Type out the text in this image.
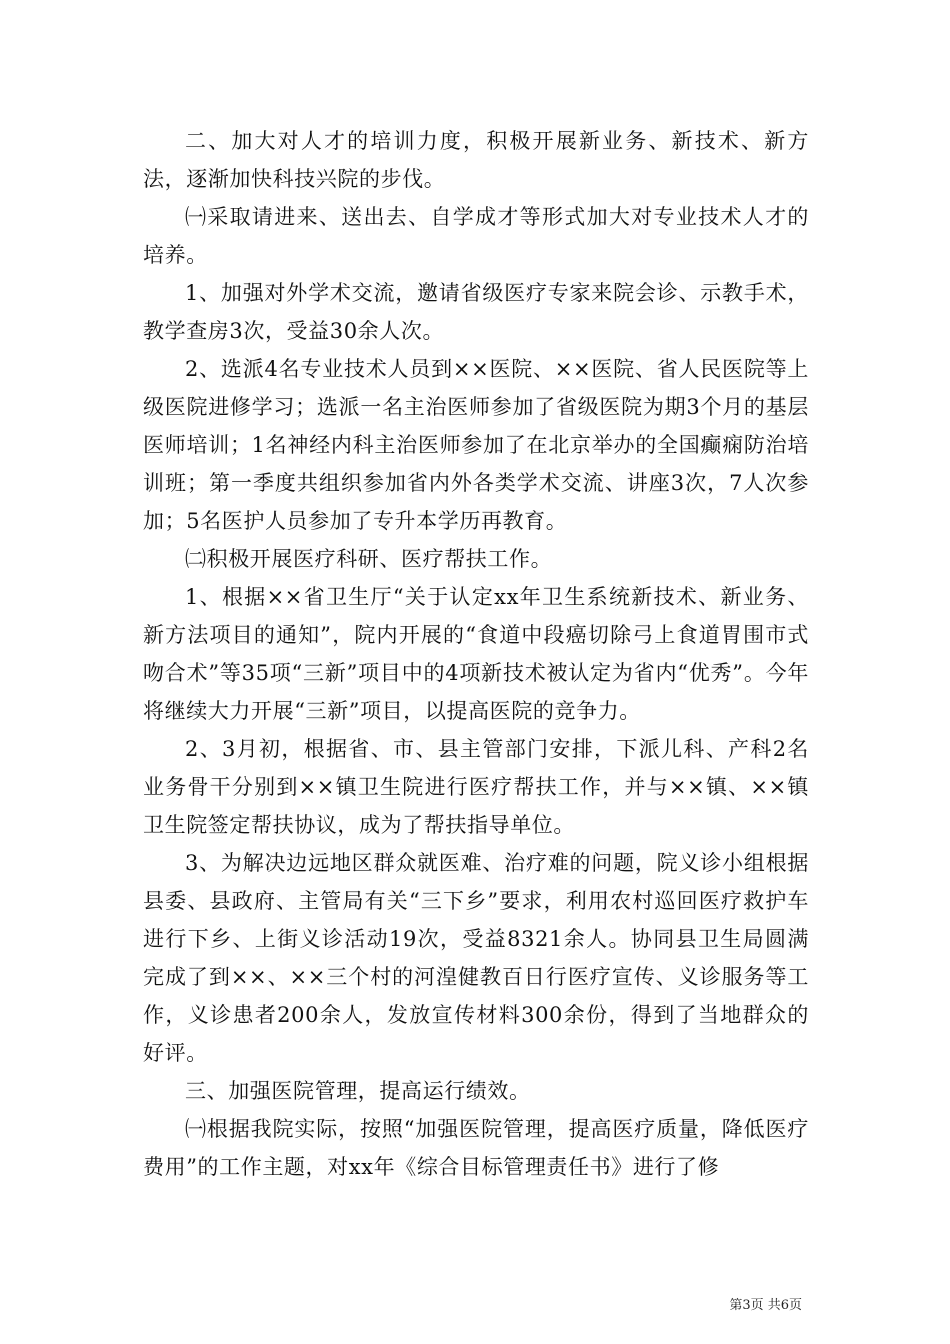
二、加大对人才的培训力度，积极开展新业务、新技术、新方法，逐渐加快科技兴院的步伐。

㈠采取请进来、送出去、自学成才等形式加大对专业技术人才的培养。

1、加强对外学术交流，邀请省级医疗专家来院会诊、示教手术，教学查房3次，受益30余人次。

2、选派4名专业技术人员到××医院、××医院、省人民医院等上级医院进修学习；选派一名主治医师参加了省级医院为期3个月的基层医师培训；1名神经内科主治医师参加了在北京举办的全国癫痫防治培训班；第一季度共组织参加省内外各类学术交流、讲座3次，7人次参加；5名医护人员参加了专升本学历再教育。

㈡积极开展医疗科研、医疗帮扶工作。

1、根据××省卫生厅“关于认定xx年卫生系统新技术、新业务、新方法项目的通知”，院内开展的“食道中段癌切除弓上食道胃围市式吻合术”等35项“三新”项目中的4项新技术被认定为省内“优秀”。今年将继续大力开展“三新”项目，以提高医院的竞争力。

2、3月初，根据省、市、县主管部门安排，下派儿科、产科2名业务骨干分别到××镇卫生院进行医疗帮扶工作，并与××镇、××镇卫生院签定帮扶协议，成为了帮扶指导单位。

3、为解决边远地区群众就医难、治疗难的问题，院义诊小组根据县委、县政府、主管局有关“三下乡”要求，利用农村巡回医疗救护车进行下乡、上街义诊活动19次，受益8321余人。协同县卫生局圆满完成了到××、××三个村的河湟健教百日行医疗宣传、义诊服务等工作，义诊患者200余人，发放宣传材料300余份，得到了当地群众的好评。

三、加强医院管理，提高运行绩效。

㈠根据我院实际，按照“加强医院管理，提高医疗质量，降低医疗费用”的工作主题，对xx年《综合目标管理责任书》进行了修

第3页 共6页
